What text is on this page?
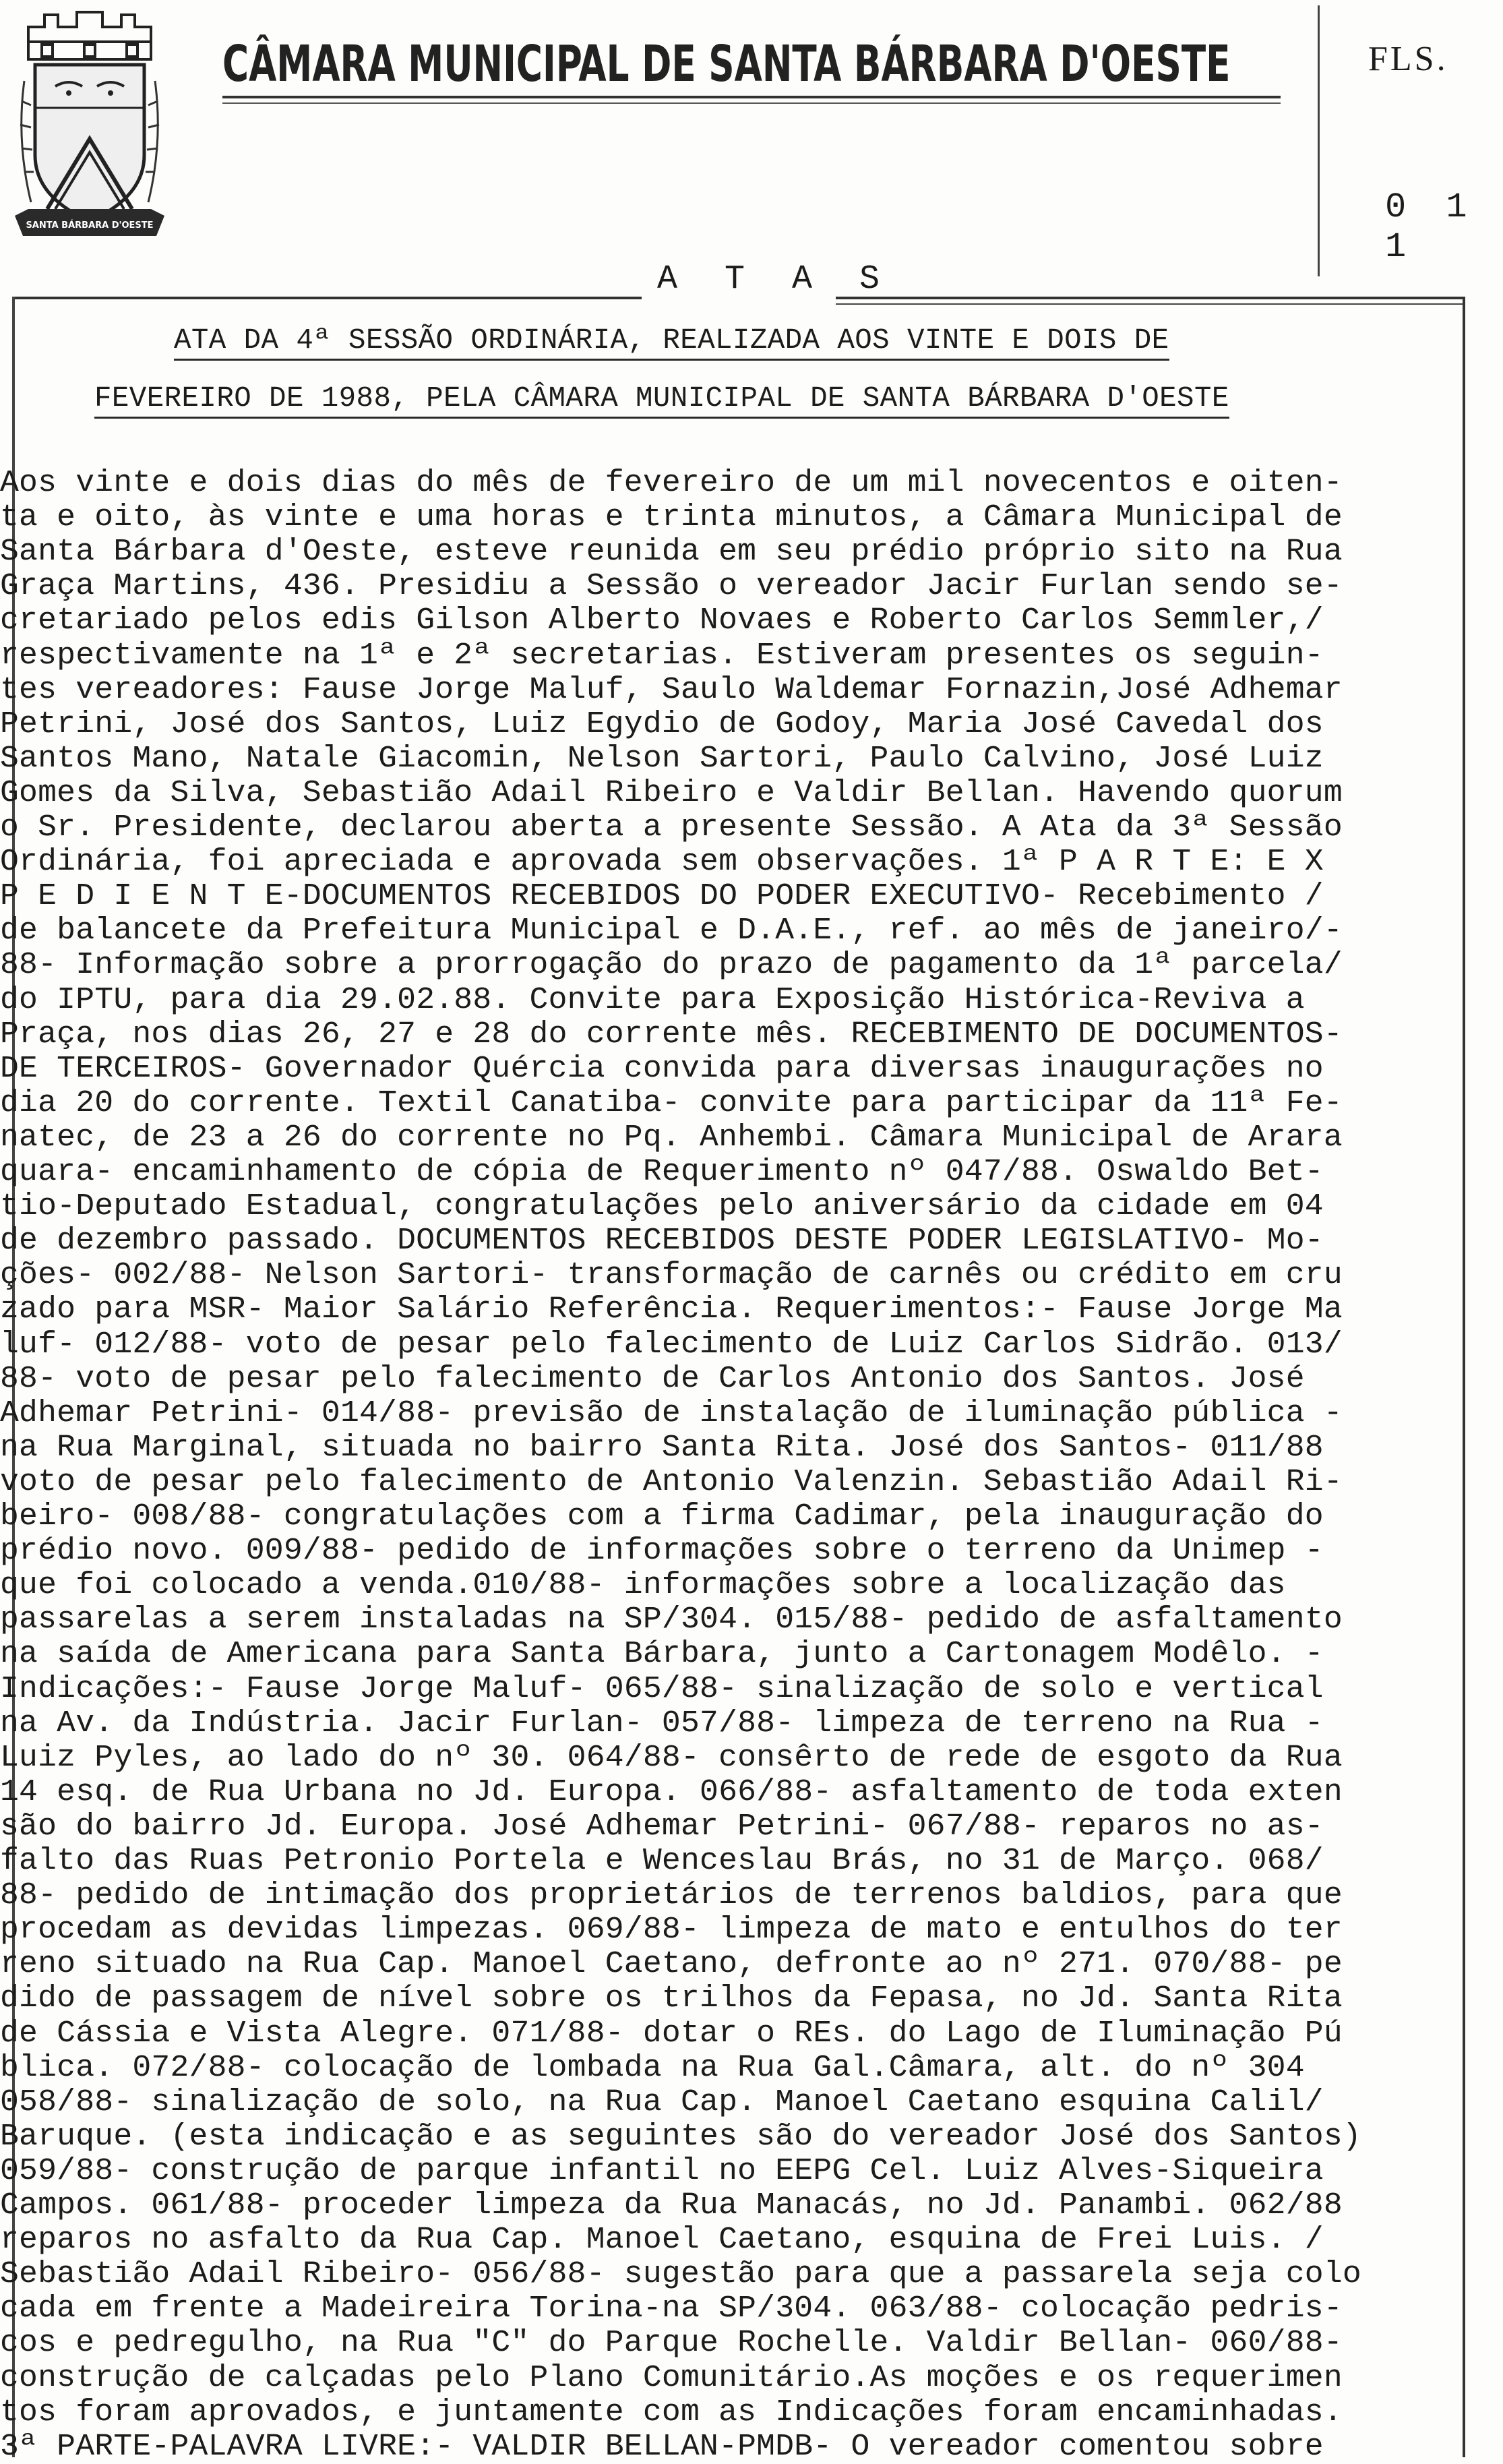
SANTA BÁRBARA D'OESTE
CÂMARA MUNICIPAL DE SANTA BÁRBARA D'OESTE	FLS.
0 1 1
A T A S
ATA DA 4ª SESSÃO ORDINÁRIA, REALIZADA AOS VINTE E DOIS DE
FEVEREIRO DE 1988, PELA CÂMARA MUNICIPAL DE SANTA BÁRBARA D'OESTE
Aos vinte e dois dias do mês de fevereiro de um mil novecentos e oiten-
ta e oito, às vinte e uma horas e trinta minutos, a Câmara Municipal de
Santa Bárbara d'Oeste, esteve reunida em seu prédio próprio sito na Rua
Graça Martins, 436. Presidiu a Sessão o vereador Jacir Furlan sendo se-
cretariado pelos edis Gilson Alberto Novaes e Roberto Carlos Semmler,/
respectivamente na 1ª e 2ª secretarias. Estiveram presentes os seguin-
tes vereadores: Fause Jorge Maluf, Saulo Waldemar Fornazin,José Adhemar
Petrini, José dos Santos, Luiz Egydio de Godoy, Maria José Cavedal dos
Santos Mano, Natale Giacomin, Nelson Sartori, Paulo Calvino, José Luiz
Gomes da Silva, Sebastião Adail Ribeiro e Valdir Bellan. Havendo quorum
o Sr. Presidente, declarou aberta a presente Sessão. A Ata da 3ª Sessão
Ordinária, foi apreciada e aprovada sem observações. 1ª P A R T E: E X
P E D I E N T E-DOCUMENTOS RECEBIDOS DO PODER EXECUTIVO- Recebimento /
de balancete da Prefeitura Municipal e D.A.E., ref. ao mês de janeiro/-
88- Informação sobre a prorrogação do prazo de pagamento da 1ª parcela/
do IPTU, para dia 29.02.88. Convite para Exposição Histórica-Reviva a
Praça, nos dias 26, 27 e 28 do corrente mês. RECEBIMENTO DE DOCUMENTOS-
DE TERCEIROS- Governador Quércia convida para diversas inaugurações no
dia 20 do corrente. Textil Canatiba- convite para participar da 11ª Fe-
natec, de 23 a 26 do corrente no Pq. Anhembi. Câmara Municipal de Arara
quara- encaminhamento de cópia de Requerimento nº 047/88. Oswaldo Bet-
tio-Deputado Estadual, congratulações pelo aniversário da cidade em 04
de dezembro passado. DOCUMENTOS RECEBIDOS DESTE PODER LEGISLATIVO- Mo-
ções- 002/88- Nelson Sartori- transformação de carnês ou crédito em cru
zado para MSR- Maior Salário Referência. Requerimentos:- Fause Jorge Ma
luf- 012/88- voto de pesar pelo falecimento de Luiz Carlos Sidrão. 013/
88- voto de pesar pelo falecimento de Carlos Antonio dos Santos. José
Adhemar Petrini- 014/88- previsão de instalação de iluminação pública -
na Rua Marginal, situada no bairro Santa Rita. José dos Santos- 011/88
voto de pesar pelo falecimento de Antonio Valenzin. Sebastião Adail Ri-
beiro- 008/88- congratulações com a firma Cadimar, pela inauguração do
prédio novo. 009/88- pedido de informações sobre o terreno da Unimep -
que foi colocado a venda.010/88- informações sobre a localização das
passarelas a serem instaladas na SP/304. 015/88- pedido de asfaltamento
na saída de Americana para Santa Bárbara, junto a Cartonagem Modêlo. -
Indicações:- Fause Jorge Maluf- 065/88- sinalização de solo e vertical
na Av. da Indústria. Jacir Furlan- 057/88- limpeza de terreno na Rua -
Luiz Pyles, ao lado do nº 30. 064/88- consêrto de rede de esgoto da Rua
14 esq. de Rua Urbana no Jd. Europa. 066/88- asfaltamento de toda exten
são do bairro Jd. Europa. José Adhemar Petrini- 067/88- reparos no as-
falto das Ruas Petronio Portela e Wenceslau Brás, no 31 de Março. 068/
88- pedido de intimação dos proprietários de terrenos baldios, para que
procedam as devidas limpezas. 069/88- limpeza de mato e entulhos do ter
reno situado na Rua Cap. Manoel Caetano, defronte ao nº 271. 070/88- pe
dido de passagem de nível sobre os trilhos da Fepasa, no Jd. Santa Rita
de Cássia e Vista Alegre. 071/88- dotar o REs. do Lago de Iluminação Pú
blica. 072/88- colocação de lombada na Rua Gal.Câmara, alt. do nº 304
058/88- sinalização de solo, na Rua Cap. Manoel Caetano esquina Calil/
Baruque. (esta indicação e as seguintes são do vereador José dos Santos)
059/88- construção de parque infantil no EEPG Cel. Luiz Alves-Siqueira
Campos. 061/88- proceder limpeza da Rua Manacás, no Jd. Panambi. 062/88
reparos no asfalto da Rua Cap. Manoel Caetano, esquina de Frei Luis. /
Sebastião Adail Ribeiro- 056/88- sugestão para que a passarela seja colo
cada em frente a Madeireira Torina-na SP/304. 063/88- colocação pedris-
cos e pedregulho, na Rua "C" do Parque Rochelle. Valdir Bellan- 060/88-
construção de calçadas pelo Plano Comunitário.As moções e os requerimen
tos foram aprovados, e juntamente com as Indicações foram encaminhadas.
3ª PARTE-PALAVRA LIVRE:- VALDIR BELLAN-PMDB- O vereador comentou sobre
